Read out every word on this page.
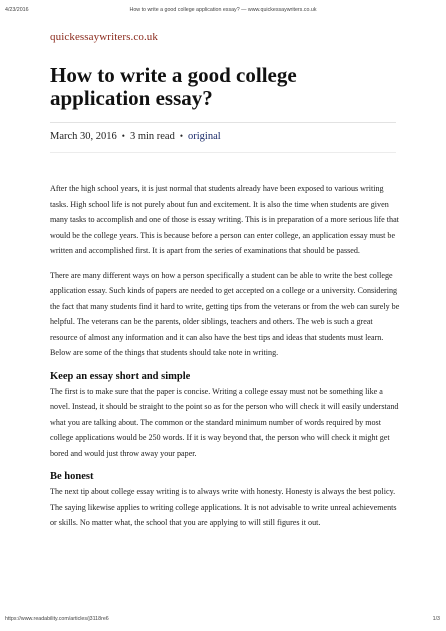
4/23/2016	How to write a good college application essay? — www.quickessaywriters.co.uk
quickessaywriters.co.uk
How to write a good college application essay?
March 30, 2016 • 3 min read • original

After the high school years, it is just normal that students already have been exposed to various writing tasks. High school life is not purely about fun and excitement. It is also the time when students are given many tasks to accomplish and one of those is essay writing. This is in preparation of a more serious life that would be the college years. This is because before a person can enter college, an application essay must be written and accomplished first. It is apart from the series of examinations that should be passed.

There are many different ways on how a person specifically a student can be able to write the best college application essay. Such kinds of papers are needed to get accepted on a college or a university. Considering the fact that many students find it hard to write, getting tips from the veterans or from the web can surely be helpful. The veterans can be the parents, older siblings, teachers and others. The web is such a great resource of almost any information and it can also have the best tips and ideas that students must learn. Below are some of the things that students should take note in writing.

Keep an essay short and simple

The first is to make sure that the paper is concise. Writing a college essay must not be something like a novel. Instead, it should be straight to the point so as for the person who will check it will easily understand what you are talking about. The common or the standard minimum number of words required by most college applications would be 250 words. If it is way beyond that, the person who will check it might get bored and would just throw away your paper.

Be honest

The next tip about college essay writing is to always write with honesty. Honesty is always the best policy. The saying likewise applies to writing college applications. It is not advisable to write unreal achievements or skills. No matter what, the school that you are applying to will still figures it out.

https://www.readability.com/articles/j3118re6	1/3
